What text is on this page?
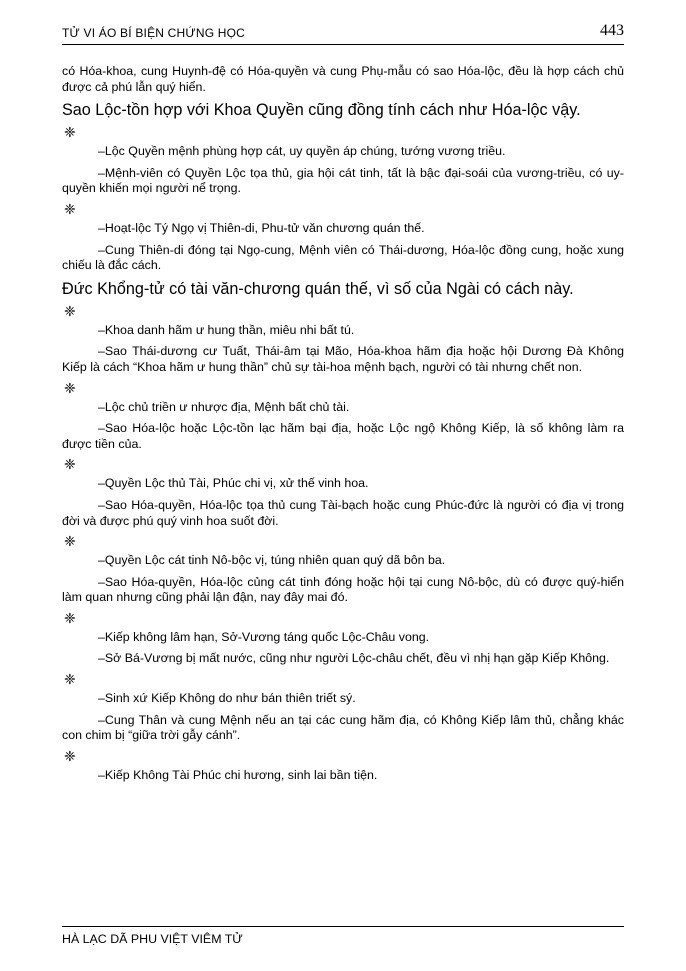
TỬ VI ÁO BÍ BIỆN CHỨNG HỌC	443

có Hóa-khoa, cung Huynh-đệ có Hóa-quyền và cung Phụ-mẫu có sao Hóa-lộc, đều là hợp cách chủ được cả phú lẫn quý hiển.

Sao Lộc-tồn hợp với Khoa Quyền cũng đồng tính cách như Hóa-lộc vậy.

❈

–Lộc Quyền mệnh phùng hợp cát, uy quyền áp chúng, tướng vương triều.

–Mệnh-viên có Quyền Lộc tọa thủ, gia hội cát tinh, tất là bậc đại-soái của vương-triều, có uy-quyền khiến mọi người nể trọng.

❈

–Hoạt-lộc Tý Ngọ vị Thiên-di, Phu-tử văn chương quán thế.

–Cung Thiên-di đóng tại Ngọ-cung, Mệnh viên có Thái-dương, Hóa-lộc đồng cung, hoặc xung chiếu là đắc cách.

Đức Khổng-tử có tài văn-chương quán thế, vì số của Ngài có cách này.

❈

–Khoa danh hãm ư hung thần, miêu nhi bất tú.

–Sao Thái-dương cư Tuất, Thái-âm tại Mão, Hóa-khoa hãm địa hoặc hội Dương Đà Không Kiếp là cách “Khoa hãm ư hung thần” chủ sự tài-hoa mệnh bạch, người có tài nhưng chết non.

❈

–Lộc chủ triền ư nhược địa, Mệnh bất chủ tài.

–Sao Hóa-lộc hoặc Lộc-tồn lạc hãm bại địa, hoặc Lộc ngộ Không Kiếp, là số không làm ra được tiền của.

❈

–Quyền Lộc thủ Tài, Phúc chi vị, xử thế vinh hoa.

–Sao Hóa-quyền, Hóa-lộc tọa thủ cung Tài-bạch hoặc cung Phúc-đức là người có địa vị trong đời và được phú quý vinh hoa suốt đời.

❈

–Quyền Lộc cát tinh Nô-bộc vị, túng nhiên quan quý dã bôn ba.

–Sao Hóa-quyền, Hóa-lộc củng cát tinh đóng hoặc hội tại cung Nô-bộc, dù có được quý-hiển làm quan nhưng cũng phải lận đận, nay đây mai đó.

❈

–Kiếp không lâm hạn, Sở-Vương táng quốc Lộc-Châu vong.

–Sở Bá-Vương bị mất nước, cũng như người Lộc-châu chết, đều vì nhị hạn gặp Kiếp Không.

❈

–Sinh xứ Kiếp Không do như bán thiên triết sý.

–Cung Thân và cung Mệnh nếu an tại các cung hãm địa, có Không Kiếp lâm thủ, chẳng khác con chim bị “giữa trời gẫy cánh”.

❈

–Kiếp Không Tài Phúc chi hương, sinh lai bần tiện.

HÀ LẠC DÃ PHU VIỆT VIÊM TỬ
